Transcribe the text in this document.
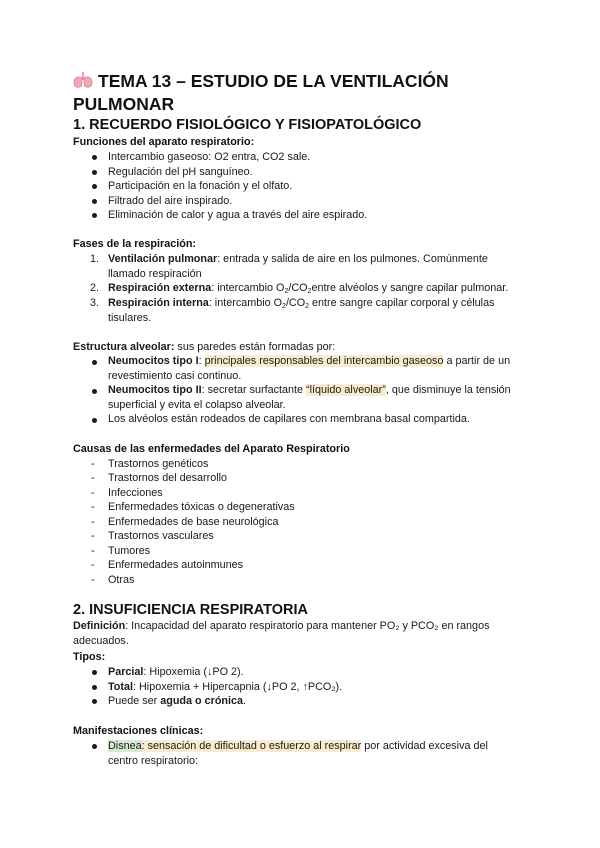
TEMA 13 – ESTUDIO DE LA VENTILACIÓN
PULMONAR
1. RECUERDO FISIOLÓGICO Y FISIOPATOLÓGICO
Funciones del aparato respiratorio:
Intercambio gaseoso: O2 entra, CO2 sale.
Regulación del pH sanguíneo.
Participación en la fonación y el olfato.
Filtrado del aire inspirado.
Eliminación de calor y agua a través del aire espirado.
Fases de la respiración:
1. Ventilación pulmonar: entrada y salida de aire en los pulmones. Comúnmente
llamado respiración
2. Respiración externa: intercambio $O_2/CO_2entre$ alvéolos y sangre capilar pulmonar.
3. Respiración interna: intercambio $O_2/CO_2$ entre sangre capilar corporal y células
tisulares.
Estructura alveolar: sus paredes están formadas por:
Neumocitos tipo I: principales responsables del intercambio gaseoso a partir de un
revestimiento casi continuo.
Neumocitos tipo II: secretar surfactante “líquido alveolar”, que disminuye la tensión
superficial y evita el colapso alveolar.
Los alvéolos están rodeados de capilares con membrana basal compartida.
Causas de las enfermedades del Aparato Respiratorio
- Trastornos genéticos
- Trastornos del desarrollo
- Infecciones
- Enfermedades tóxicas o degenerativas
- Enfermedades de base neurológica
- Trastornos vasculares
- Tumores
- Enfermedades autoinmunes
- Otras
2. INSUFICIENCIA RESPIRATORIA
Definición: Incapacidad del aparato respiratorio para mantener PO₂ y PCO₂ en rangos
adecuados.
Tipos:
Parcial: Hipoxemia (↓PO 2).
Total: Hipoxemia + Hipercapnia (↓PO 2, ↑PCO₂).
Puede ser aguda o crónica.
Manifestaciones clínicas:
Disnea: sensación de dificultad o esfuerzo al respirar por actividad excesiva del
centro respiratorio:
